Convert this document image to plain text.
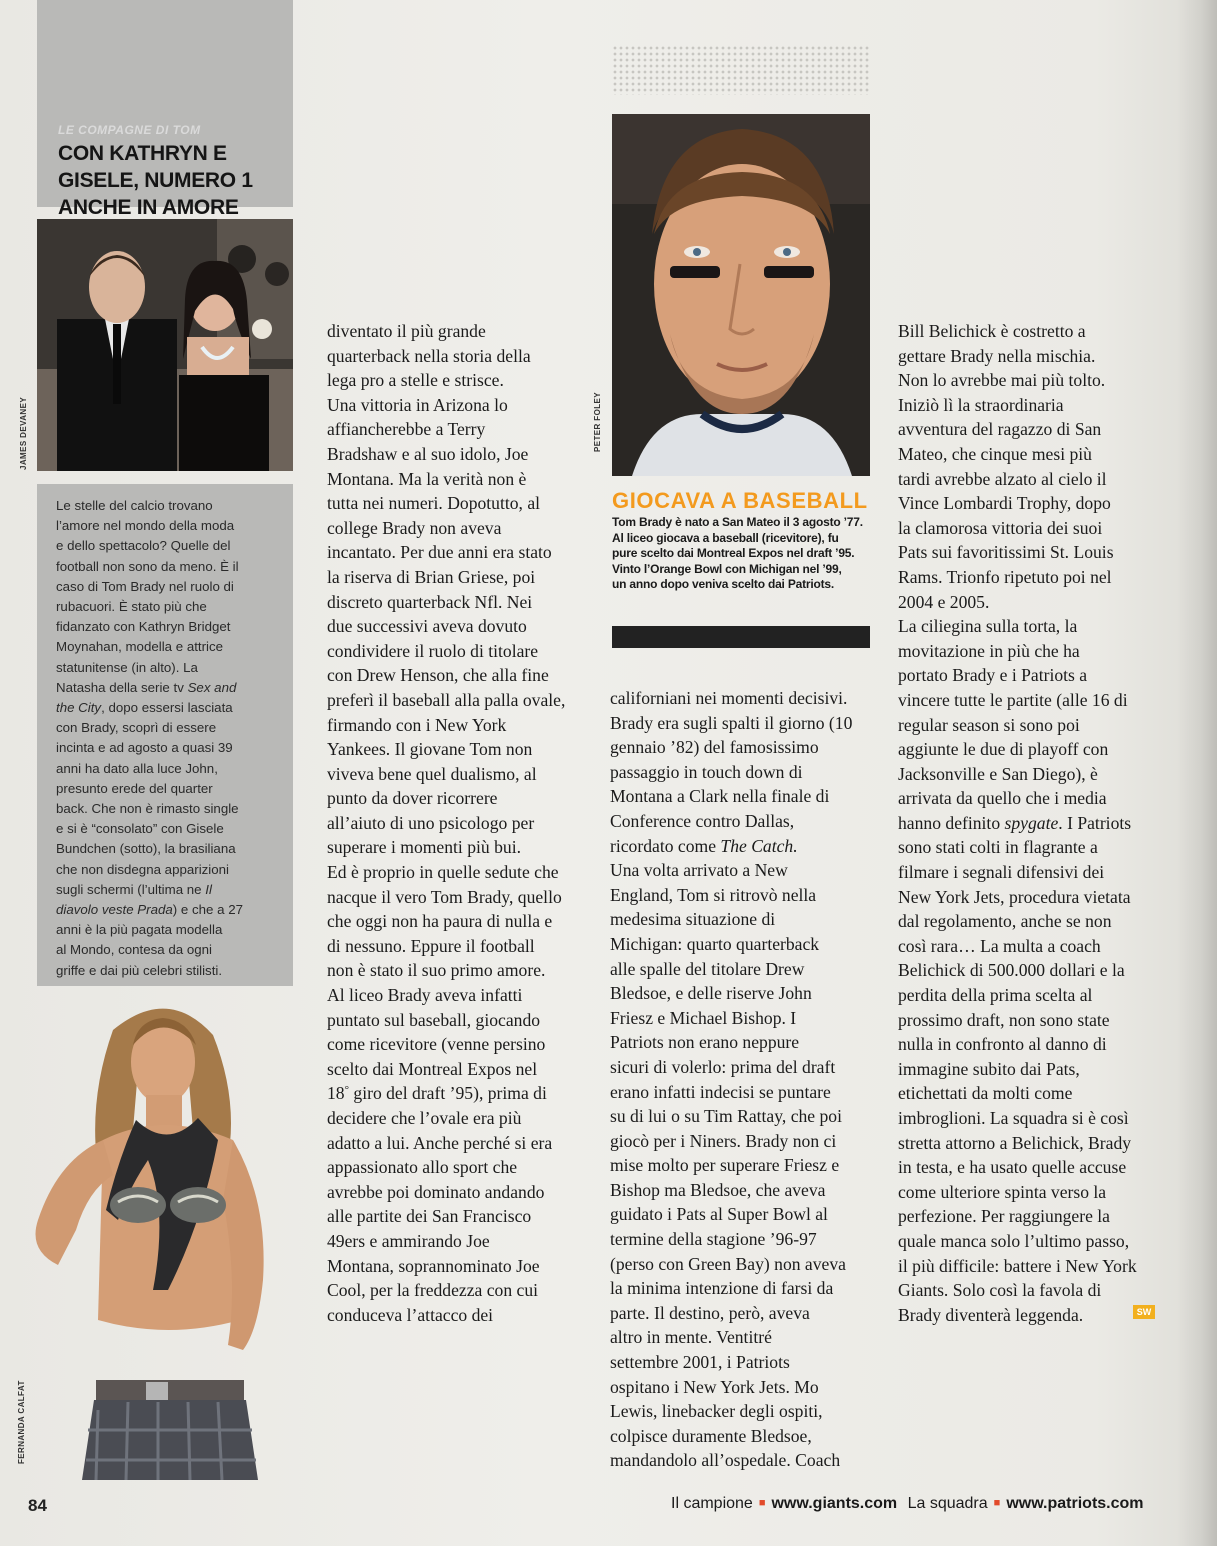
LE COMPAGNE DI TOM
CON KATHRYN E
GISELE, NUMERO 1
ANCHE IN AMORE
JAMES DEVANEY
Le stelle del calcio trovano
l’amore nel mondo della moda
e dello spettacolo? Quelle del
football non sono da meno. È il
caso di Tom Brady nel ruolo di
rubacuori. È stato più che
fidanzato con Kathryn Bridget
Moynahan, modella e attrice
statunitense (in alto). La
Natasha della serie tv Sex and
the City, dopo essersi lasciata
con Brady, scoprì di essere
incinta e ad agosto a quasi 39
anni ha dato alla luce John,
presunto erede del quarter
back. Che non è rimasto single
e si è “consolato” con Gisele
Bundchen (sotto), la brasiliana
che non disdegna apparizioni
sugli schermi (l’ultima ne Il
diavolo veste Prada) e che a 27
anni è la più pagata modella
al Mondo, contesa da ogni
griffe e dai più celebri stilisti.
FERNANDA CALFAT
84
diventato il più grande
quarterback nella storia della
lega pro a stelle e strisce.
Una vittoria in Arizona lo
affiancherebbe a Terry
Bradshaw e al suo idolo, Joe
Montana. Ma la verità non è
tutta nei numeri. Dopotutto, al
college Brady non aveva
incantato. Per due anni era stato
la riserva di Brian Griese, poi
discreto quarterback Nfl. Nei
due successivi aveva dovuto
condividere il ruolo di titolare
con Drew Henson, che alla fine
preferì il baseball alla palla ovale,
firmando con i New York
Yankees. Il giovane Tom non
viveva bene quel dualismo, al
punto da dover ricorrere
all’aiuto di uno psicologo per
superare i momenti più bui.
Ed è proprio in quelle sedute che
nacque il vero Tom Brady, quello
che oggi non ha paura di nulla e
di nessuno. Eppure il football
non è stato il suo primo amore.
Al liceo Brady aveva infatti
puntato sul baseball, giocando
come ricevitore (venne persino
scelto dai Montreal Expos nel
18° giro del draft ’95), prima di
decidere che l’ovale era più
adatto a lui. Anche perché si era
appassionato allo sport che
avrebbe poi dominato andando
alle partite dei San Francisco
49ers e ammirando Joe
Montana, soprannominato Joe
Cool, per la freddezza con cui
conduceva l’attacco dei
PETER FOLEY
GIOCAVA A BASEBALL
Tom Brady è nato a San Mateo il 3 agosto ’77.
Al liceo giocava a baseball (ricevitore), fu
pure scelto dai Montreal Expos nel draft ’95.
Vinto l’Orange Bowl con Michigan nel ’99,
un anno dopo veniva scelto dai Patriots.
californiani nei momenti decisivi.
Brady era sugli spalti il giorno (10
gennaio ’82) del famosissimo
passaggio in touch down di
Montana a Clark nella finale di
Conference contro Dallas,
ricordato come The Catch.
Una volta arrivato a New
England, Tom si ritrovò nella
medesima situazione di
Michigan: quarto quarterback
alle spalle del titolare Drew
Bledsoe, e delle riserve John
Friesz e Michael Bishop. I
Patriots non erano neppure
sicuri di volerlo: prima del draft
erano infatti indecisi se puntare
su di lui o su Tim Rattay, che poi
giocò per i Niners. Brady non ci
mise molto per superare Friesz e
Bishop ma Bledsoe, che aveva
guidato i Pats al Super Bowl al
termine della stagione ’96-97
(perso con Green Bay) non aveva
la minima intenzione di farsi da
parte. Il destino, però, aveva
altro in mente. Ventitré
settembre 2001, i Patriots
ospitano i New York Jets. Mo
Lewis, linebacker degli ospiti,
colpisce duramente Bledsoe,
mandandolo all’ospedale. Coach
Bill Belichick è costretto a
gettare Brady nella mischia.
Non lo avrebbe mai più tolto.
Iniziò lì la straordinaria
avventura del ragazzo di San
Mateo, che cinque mesi più
tardi avrebbe alzato al cielo il
Vince Lombardi Trophy, dopo
la clamorosa vittoria dei suoi
Pats sui favoritissimi St. Louis
Rams. Trionfo ripetuto poi nel
2004 e 2005.
La ciliegina sulla torta, la
movitazione in più che ha
portato Brady e i Patriots a
vincere tutte le partite (alle 16 di
regular season si sono poi
aggiunte le due di playoff con
Jacksonville e San Diego), è
arrivata da quello che i media
hanno definito spygate. I Patriots
sono stati colti in flagrante a
filmare i segnali difensivi dei
New York Jets, procedura vietata
dal regolamento, anche se non
così rara… La multa a coach
Belichick di 500.000 dollari e la
perdita della prima scelta al
prossimo draft, non sono state
nulla in confronto al danno di
immagine subito dai Pats,
etichettati da molti come
imbroglioni. La squadra si è così
stretta attorno a Belichick, Brady
in testa, e ha usato quelle accuse
come ulteriore spinta verso la
perfezione. Per raggiungere la
quale manca solo l’ultimo passo,
il più difficile: battere i New York
Giants. Solo così la favola di
Brady diventerà leggenda.	SW
Il campione ■ www.giants.com La squadra ■ www.patriots.com
